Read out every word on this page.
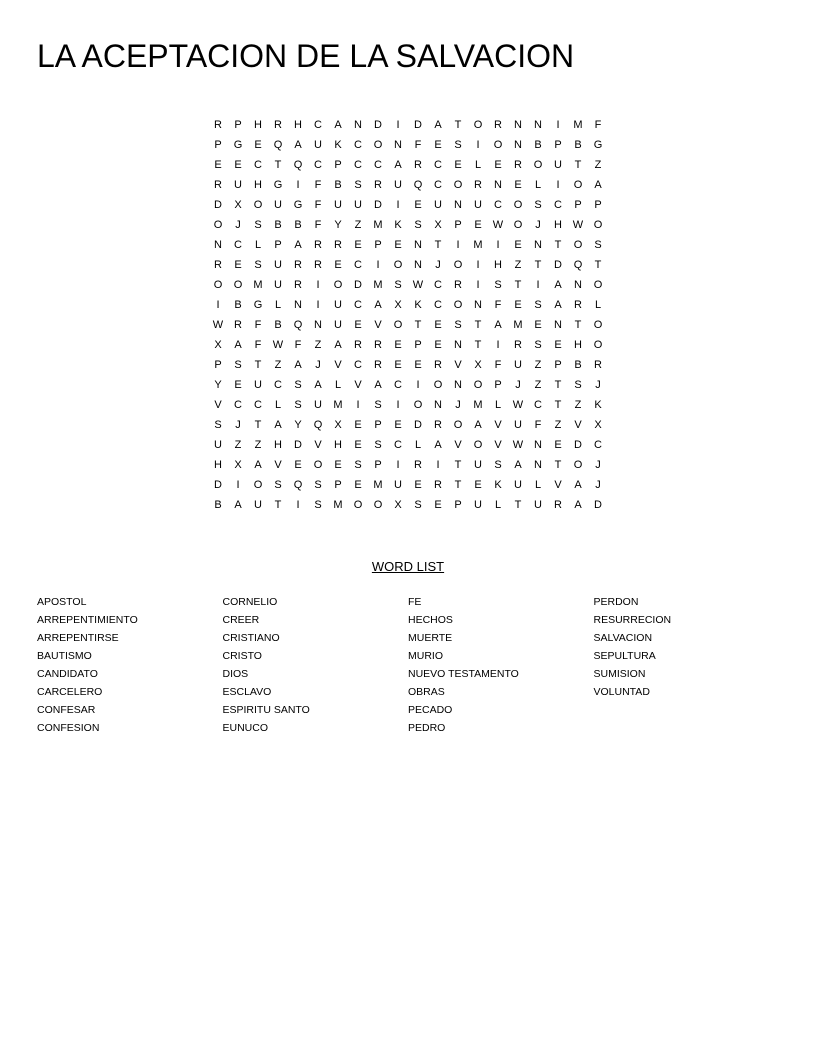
LA ACEPTACION DE LA SALVACION
R	P	H	R	H	C	A	N	D	I	D	A	T	O	R	N	N	I	M	F
P	G	E	Q	A	U	K	C	O	N	F	E	S	I	O	N	B	P	B	G
E	E	C	T	Q	C	P	C	C	A	R	C	E	L	E	R	O	U	T	Z
R	U	H	G	I	F	B	S	R	U	Q	C	O	R	N	E	L	I	O	A
D	X	O	U	G	F	U	U	D	I	E	U	N	U	C	O	S	C	P	P
O	J	S	B	B	F	Y	Z	M	K	S	X	P	E	W O	J	H W O
N	C	L	P	A	R	R	E	P	E	N	T	I	M	I	E	N	T	O	S
R	E	S	U	R	R	E	C	I	O	N	J	O	I	H	Z	T	D	Q	T
O	O	M	U	R	I	O	D	M	S	W C	R	I	S	T	I	A	N	O
I	B	G	L	N	I	U	C	A	X	K	C	O	N	F	E	S	A	R	L
W R	F	B	Q	N	U	E	V	O	T	E	S	T	A	M	E	N	T	O
X	A	F	W	F	Z	A	R	R	E	P	E	N	T	I	R	S	E	H	O
P	S	T	Z	A	J	V	C	R	E	E	R	V	X	F	U	Z	P	B	R
Y	E	U	C	S	A	L	V	A	C	I	O	N	O	P	J	Z	T	S	J
V	C	C	L	S	U	M	I	S	I	O	N	J	M	L	W C	T	Z	K
S	J	T	A	Y	Q	X	E	P	E	D	R	O	A	V	U	F	Z	V	X
U	Z	Z	H	D	V	H	E	S	C	L	A	V	O	V	W N	E	D	C
H	X	A	V	E	O	E	S	P	I	R	I	T	U	S	A	N	T	O	J
D	I	O	S	Q	S	P	E	M	U	E	R	T	E	K	U	L	V	A	J
B	A	U	T	I	S	M	O	O	X	S	E	P	U	L	T	U	R	A	D
WORD LIST
APOSTOL
ARREPENTIMIENTO
ARREPENTIRSE
BAUTISMO
CANDIDATO
CARCELERO
CONFESAR
CONFESION
CORNELIO
CREER
CRISTIANO
CRISTO
DIOS
ESCLAVO
ESPIRITU SANTO
EUNUCO
FE
HECHOS
MUERTE
MURIO
NUEVO TESTAMENTO
OBRAS
PECADO
PEDRO
PERDON
RESURRECION
SALVACION
SEPULTURA
SUMISION
VOLUNTAD
